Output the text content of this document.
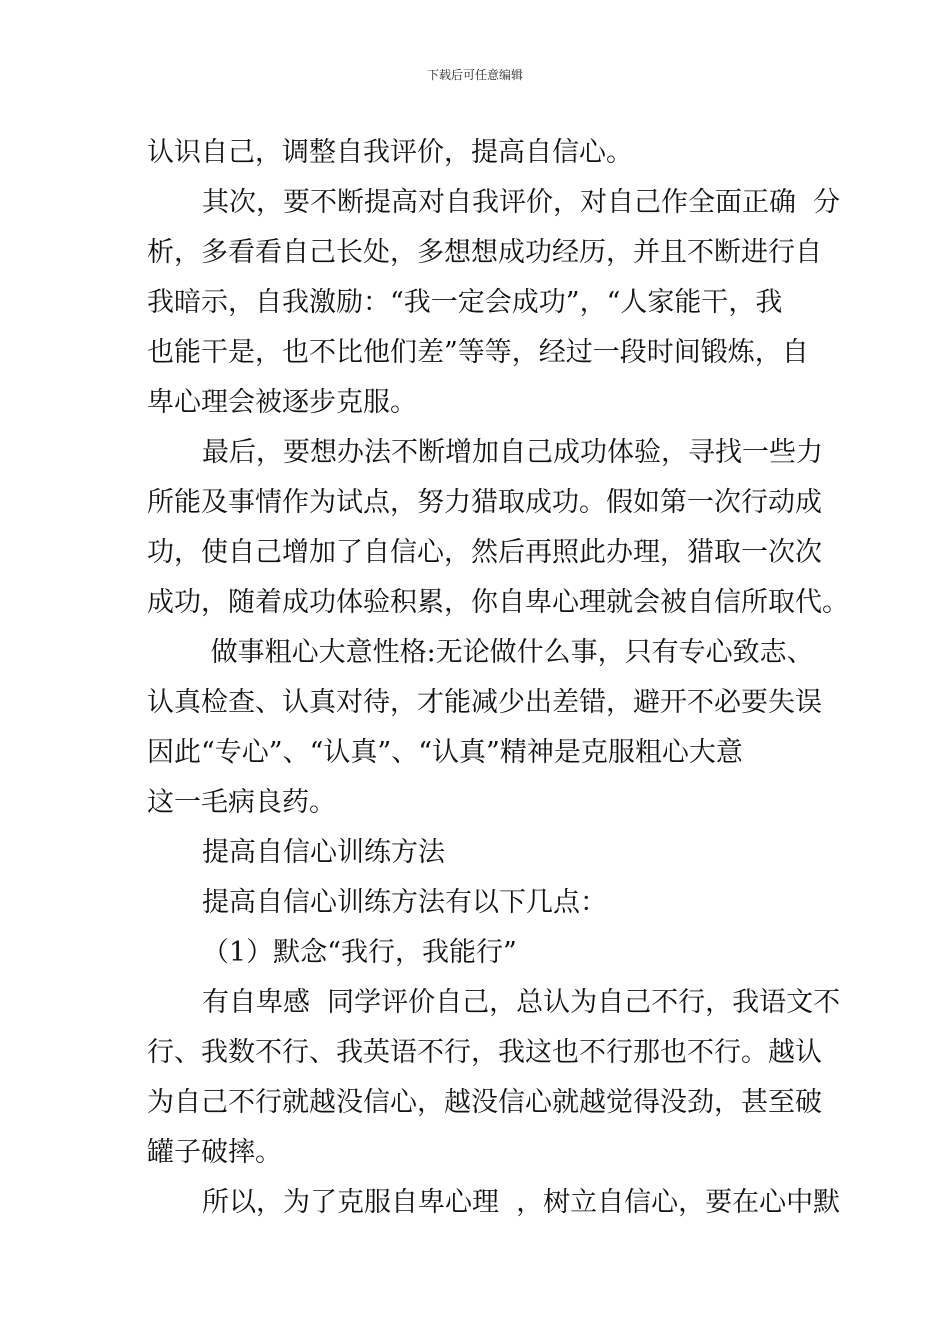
下载后可任意编辑
认识自己，调整自我评价，提高自信心。
其次，要不断提高对自我评价，对自己作全面正确  分
析，多看看自己长处，多想想成功经历，并且不断进行自
我暗示，自我激励：“我一定会成功”，“人家能干，我
也能干是，也不比他们差”等等，经过一段时间锻炼，自
卑心理会被逐步克服。
最后，要想办法不断增加自己成功体验，寻找一些力
所能及事情作为试点，努力猎取成功。假如第一次行动成
功，使自己增加了自信心，然后再照此办理，猎取一次次
成功，随着成功体验积累，你自卑心理就会被自信所取代。
做事粗心大意性格:无论做什么事，只有专心致志、
认真检查、认真对待，才能减少出差错，避开不必要失误
因此“专心”、“认真”、“认真”精神是克服粗心大意
这一毛病良药。
提高自信心训练方法
提高自信心训练方法有以下几点：
（1）默念“我行，我能行”
有自卑感  同学评价自己，总认为自己不行，我语文不
行、我数不行、我英语不行，我这也不行那也不行。越认
为自己不行就越没信心，越没信心就越觉得没劲，甚至破
罐子破摔。
所以，为了克服自卑心理  ，树立自信心，要在心中默
